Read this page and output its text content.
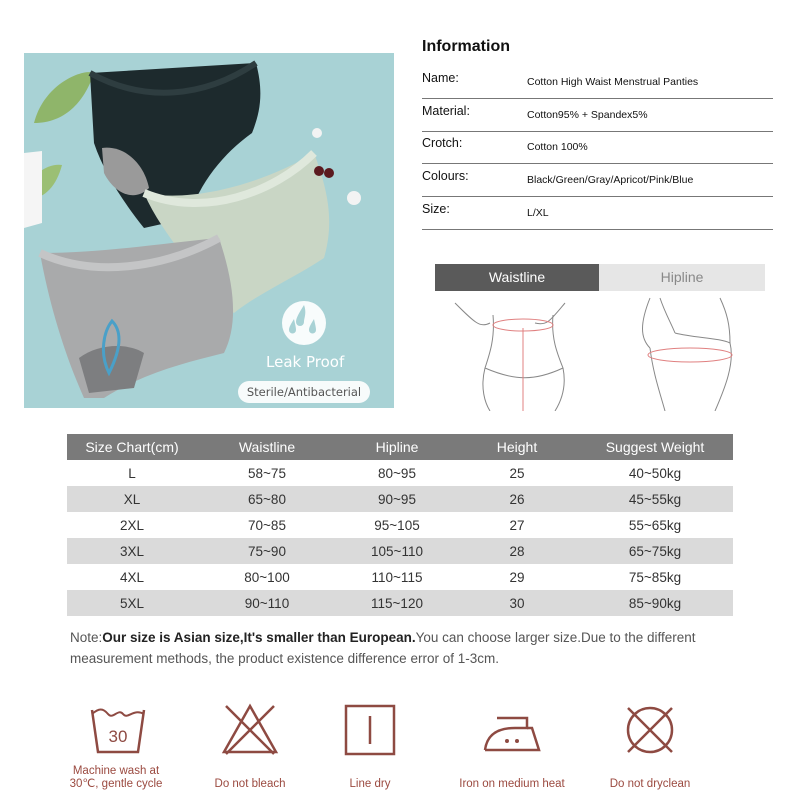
Leak Proof
Sterile/Antibacterial
Information
Name:	Cotton High Waist Menstrual Panties
Material:	Cotton95% + Spandex5%
Crotch:	Cotton 100%
Colours:	Black/Green/Gray/Apricot/Pink/Blue
Size:	L/XL
Waistline	Hipline
Size Chart(cm)	Waistline	Hipline	Height	Suggest Weight
L	58~75	80~95	25	40~50kg
XL	65~80	90~95	26	45~55kg
2XL	70~85	95~105	27	55~65kg
3XL	75~90	105~110	28	65~75kg
4XL	80~100	110~115	29	75~85kg
5XL	90~110	115~120	30	85~90kg
Note:Our size is Asian size,It's smaller than European.You can choose larger size.Due to the different measurement methods, the product existence difference error of 1-3cm.
30
Machine wash at
30℃, gentle cycle	Do not bleach	Line dry	Iron on medium heat	Do not dryclean
